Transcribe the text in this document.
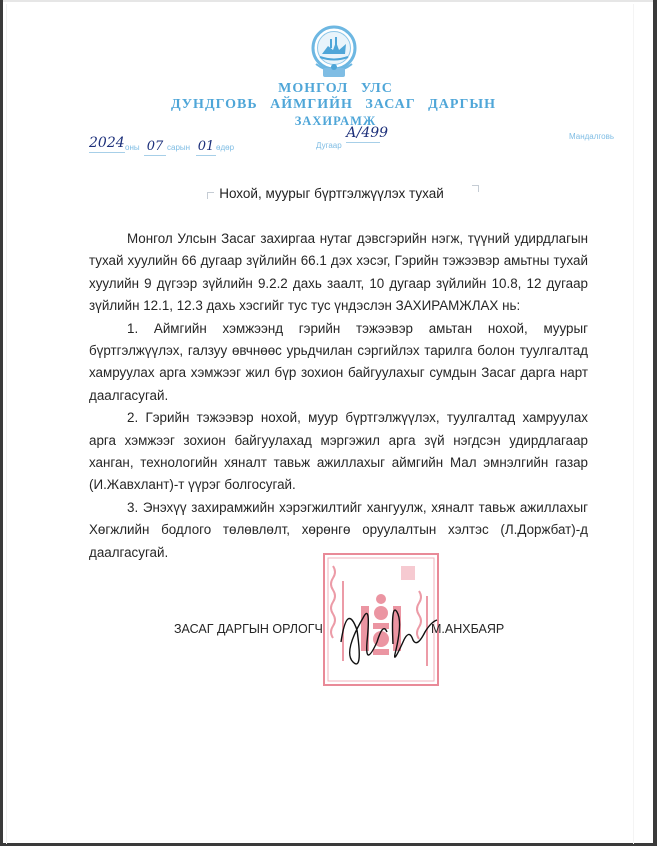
МОНГОЛ УЛС
ДУНДГОВЬ АЙМГИЙН ЗАСАГ ДАРГЫН
ЗАХИРАМЖ
2024 оны 07 сарын 01 өдөр	Дугаар
А/499	Мандалговь
Нохой, муурыг бүртгэлжүүлэх тухай

Монгол Улсын Засаг захиргаа нутаг дэвсгэрийн нэгж, түүний удирдлагын тухай хуулийн 66 дугаар зүйлийн 66.1 дэх хэсэг, Гэрийн тэжээвэр амьтны тухай хуулийн 9 дүгээр зүйлийн 9.2.2 дахь заалт, 10 дугаар зүйлийн 10.8, 12 дугаар зүйлийн 12.1, 12.3 дахь хэсгийг тус тус үндэслэн ЗАХИРАМЖЛАХ нь:

1. Аймгийн хэмжээнд гэрийн тэжээвэр амьтан нохой, муурыг бүртгэлжүүлэх, галзуу өвчнөөс урьдчилан сэргийлэх тарилга болон туулгалтад хамруулах арга хэмжээг жил бүр зохион байгуулахыг сумдын Засаг дарга нарт даалгасугай.

2. Гэрийн тэжээвэр нохой, муур бүртгэлжүүлэх, туулгалтад хамруулах арга хэмжээг зохион байгуулахад мэргэжил арга зүй нэгдсэн удирдлагаар ханган, технологийн хяналт тавьж ажиллахыг аймгийн Мал эмнэлгийн газар (И.Жавхлант)-т үүрэг болгосугай.

3. Энэхүү захирамжийн хэрэгжилтийг хангуулж, хяналт тавьж ажиллахыг Хөгжлийн бодлого төлөвлөлт, хөрөнгө оруулалтын хэлтэс (Л.Доржбат)-д даалгасугай.

ЗАСАГ ДАРГЫН ОРЛОГЧ	М.АНХБАЯР
